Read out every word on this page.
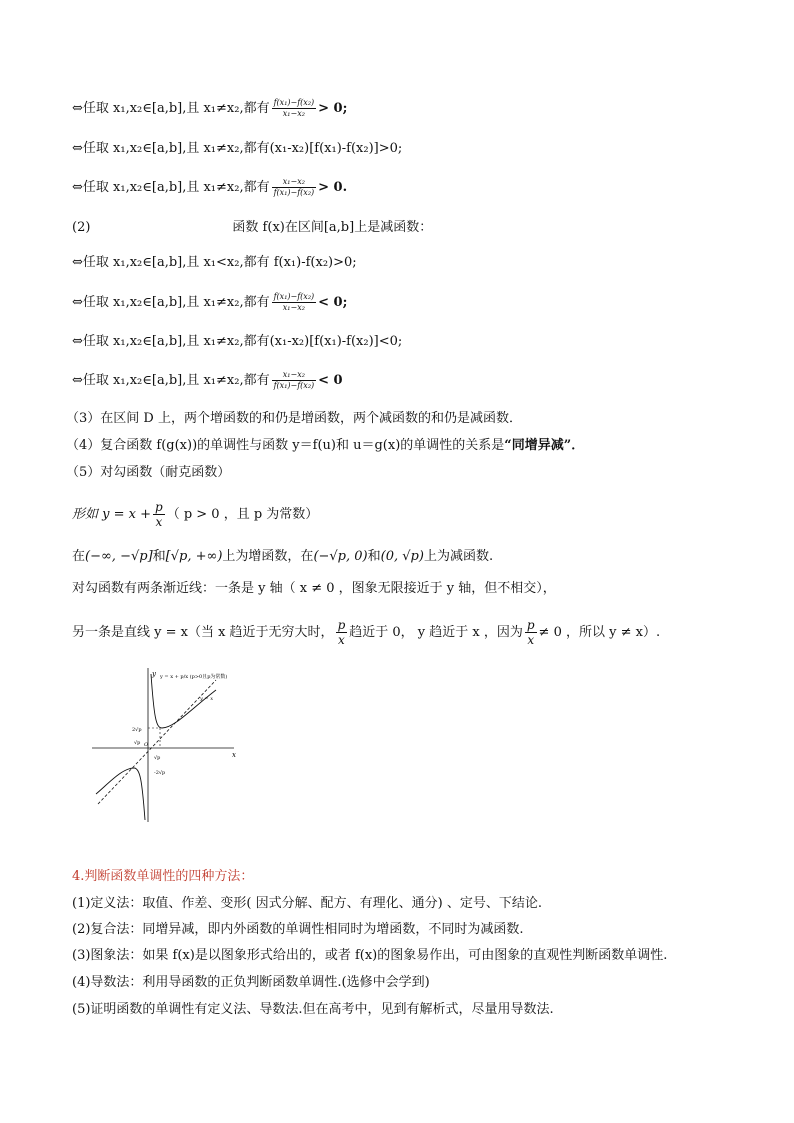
⇔任取 x₁,x₂∈[a,b],且 x₁≠x₂,都有 $\frac{\text{f(x₁)−f(x₂)}}{\text{x₁−x₂}} > 0$;
⇔任取 x₁,x₂∈[a,b],且 x₁≠x₂,都有(x₁-x₂)[f(x₁)-f(x₂)]>0;
⇔任取 x₁,x₂∈[a,b],且 x₁≠x₂,都有 $\frac{\text{x₁−x₂}}{\text{f(x₁)−f(x₂)}} > 0$.
(2)	函数 f(x)在区间[a,b]上是减函数：
⇔任取 x₁,x₂∈[a,b],且 x₁<x₂,都有 f(x₁)-f(x₂)>0;
⇔任取 x₁,x₂∈[a,b],且 x₁≠x₂,都有 $\frac{\text{f(x₁)−f(x₂)}}{\text{x₁−x₂}} < 0$;
⇔任取 x₁,x₂∈[a,b],且 x₁≠x₂,都有(x₁-x₂)[f(x₁)-f(x₂)]<0;
⇔任取 x₁,x₂∈[a,b],且 x₁≠x₂,都有 $\frac{\text{x₁−x₂}}{\text{f(x₁)−f(x₂)}} < 0$
（3）在区间 D 上，两个增函数的和仍是增函数，两个减函数的和仍是减函数．
（4）复合函数 f(g(x))的单调性与函数 y＝f(u)和 u＝g(x)的单调性的关系是“同增异减”．
（5）对勾函数（耐克函数）
形如 $y = x + \frac{p}{x}$ （ p > 0 ，且 p 为常数）
在(−∞, −√p]和[√p, +∞)上为增函数，在(−√p, 0)和(0, √p)上为减函数.
对勾函数有两条渐近线：一条是 y 轴（ x ≠ 0 ，图象无限接近于 y 轴，但不相交），
另一条是直线 y = x（当 x 趋近于无穷大时， $\frac{p}{x}$ 趋近于 0， y 趋近于 x ，因为 $\frac{p}{x} \ne 0$ ，所以 y ≠ x）.
y
x
y = x + p/x (p>0且p为常数)
2√p
√p O
√p
-2√p
y = x
4.判断函数单调性的四种方法：
(1)定义法：取值、作差、变形( 因式分解、配方、有理化、通分) 、定号、下结论.
(2)复合法：同增异减，即内外函数的单调性相同时为增函数，不同时为减函数.
(3)图象法：如果 f(x)是以图象形式给出的，或者 f(x)的图象易作出，可由图象的直观性判断函数单调性.
(4)导数法：利用导函数的正负判断函数单调性.(选修中会学到)
(5)证明函数的单调性有定义法、导数法.但在高考中，见到有解析式，尽量用导数法.
